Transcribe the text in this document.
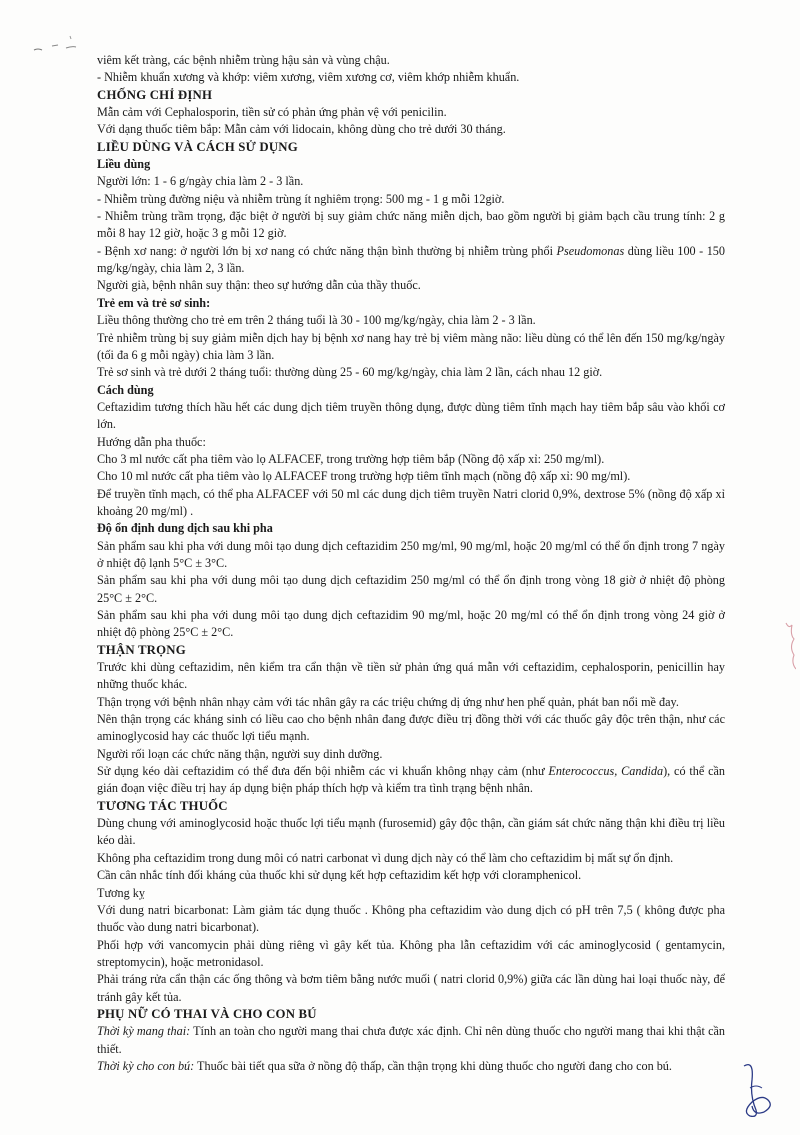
viêm kết tràng, các bệnh nhiễm trùng hậu sản và vùng chậu.

- Nhiễm khuẩn xương và khớp: viêm xương, viêm xương cơ, viêm khớp nhiễm khuẩn.

CHỐNG CHỈ ĐỊNH

Mẫn cảm với Cephalosporin, tiền sử có phản ứng phản vệ với penicilin.

Với dạng thuốc tiêm bắp: Mẫn cảm với lidocain, không dùng cho trẻ dưới 30 tháng.

LIỀU DÙNG VÀ CÁCH SỬ DỤNG

Liều dùng

Người lớn: 1 - 6 g/ngày chia làm 2 - 3 lần.

- Nhiễm trùng đường niệu và nhiễm trùng ít nghiêm trọng: 500 mg - 1 g mỗi 12giờ.

- Nhiễm trùng trầm trọng, đặc biệt ở người bị suy giảm chức năng miễn dịch, bao gồm người bị giảm bạch cầu trung tính: 2 g mỗi 8 hay 12 giờ, hoặc 3 g mỗi 12 giờ.

- Bệnh xơ nang: ở người lớn bị xơ nang có chức năng thận bình thường bị nhiễm trùng phổi Pseudomonas dùng liều 100 - 150 mg/kg/ngày, chia làm 2, 3 lần.

Người già, bệnh nhân suy thận: theo sự hướng dẫn của thầy thuốc.

Trẻ em và trẻ sơ sinh:

Liều thông thường cho trẻ em trên 2 tháng tuổi là 30 - 100 mg/kg/ngày, chia làm 2 - 3 lần.

Trẻ nhiễm trùng bị suy giảm miễn dịch hay bị bệnh xơ nang hay trẻ bị viêm màng não: liều dùng có thể lên đến 150 mg/kg/ngày (tối đa 6 g mỗi ngày) chia làm 3 lần.

Trẻ sơ sinh và trẻ dưới 2 tháng tuổi: thường dùng 25 - 60 mg/kg/ngày, chia làm 2 lần, cách nhau 12 giờ.

Cách dùng

Ceftazidim tương thích hầu hết các dung dịch tiêm truyền thông dụng, được dùng tiêm tĩnh mạch hay tiêm bắp sâu vào khối cơ lớn.

Hướng dẫn pha thuốc:

Cho 3 ml nước cất pha tiêm vào lọ ALFACEF, trong trường hợp tiêm bắp (Nồng độ xấp xỉ: 250 mg/ml).

Cho 10 ml nước cất pha tiêm vào lọ ALFACEF trong trường hợp tiêm tĩnh mạch (nồng độ xấp xỉ: 90 mg/ml).

Để truyền tĩnh mạch, có thể pha ALFACEF với 50 ml các dung dịch tiêm truyền Natri clorid 0,9%, dextrose 5% (nồng độ xấp xỉ khoảng 20 mg/ml) .

Độ ổn định dung dịch sau khi pha

Sản phẩm sau khi pha với dung môi tạo dung dịch ceftazidim 250 mg/ml, 90 mg/ml, hoặc 20 mg/ml có thể ổn định trong 7 ngày ở nhiệt độ lạnh 5°C ± 3°C.

Sản phẩm sau khi pha với dung môi tạo dung dịch ceftazidim 250 mg/ml có thể ổn định trong vòng 18 giờ ở nhiệt độ phòng 25°C ± 2°C.

Sản phẩm sau khi pha với dung môi tạo dung dịch ceftazidim 90 mg/ml, hoặc 20 mg/ml có thể ổn định trong vòng 24 giờ ở nhiệt độ phòng 25°C ± 2°C.

THẬN TRỌNG

Trước khi dùng ceftazidim, nên kiểm tra cẩn thận về tiền sử phản ứng quá mẫn với ceftazidim, cephalosporin, penicillin hay những thuốc khác.

Thận trọng với bệnh nhân nhạy cảm với tác nhân gây ra các triệu chứng dị ứng như hen phế quản, phát ban nổi mề đay.

Nên thận trọng các kháng sinh có liều cao cho bệnh nhân đang được điều trị đồng thời với các thuốc gây độc trên thận, như các aminoglycosid hay các thuốc lợi tiểu mạnh.

Người rối loạn các chức năng thận, người suy dinh dưỡng.

Sử dụng kéo dài ceftazidim có thể đưa đến bội nhiễm các vi khuẩn không nhạy cảm (như Enterococcus, Candida), có thể cần gián đoạn việc điều trị hay áp dụng biện pháp thích hợp và kiểm tra tình trạng bệnh nhân.

TƯƠNG TÁC THUỐC

Dùng chung với aminoglycosid hoặc thuốc lợi tiểu mạnh (furosemid) gây độc thận, cần giám sát chức năng thận khi điều trị liều kéo dài.

Không pha ceftazidim trong dung môi có natri carbonat vì dung dịch này có thể làm cho ceftazidim bị mất sự ổn định.

Cần cân nhắc tính đối kháng của thuốc khi sử dụng kết hợp ceftazidim kết hợp với cloramphenicol.

Tương kỵ

Với dung natri bicarbonat: Làm giảm tác dụng thuốc . Không pha ceftazidim vào dung dịch có pH trên 7,5 ( không được pha thuốc vào dung natri bicarbonat).

Phối hợp với vancomycin phải dùng riêng vì gây kết tủa. Không pha lẫn ceftazidim với các aminoglycosid ( gentamycin, streptomycin), hoặc metronidasol.

Phải tráng rửa cẩn thận các ống thông và bơm tiêm bằng nước muối ( natri clorid 0,9%) giữa các lần dùng hai loại thuốc này, để tránh gây kết tủa.

PHỤ NỮ CÓ THAI VÀ CHO CON BÚ

Thời kỳ mang thai: Tính an toàn cho người mang thai chưa được xác định. Chỉ nên dùng thuốc cho người mang thai khi thật cần thiết.

Thời kỳ cho con bú: Thuốc bài tiết qua sữa ở nồng độ thấp, cần thận trọng khi dùng thuốc cho người đang cho con bú.
